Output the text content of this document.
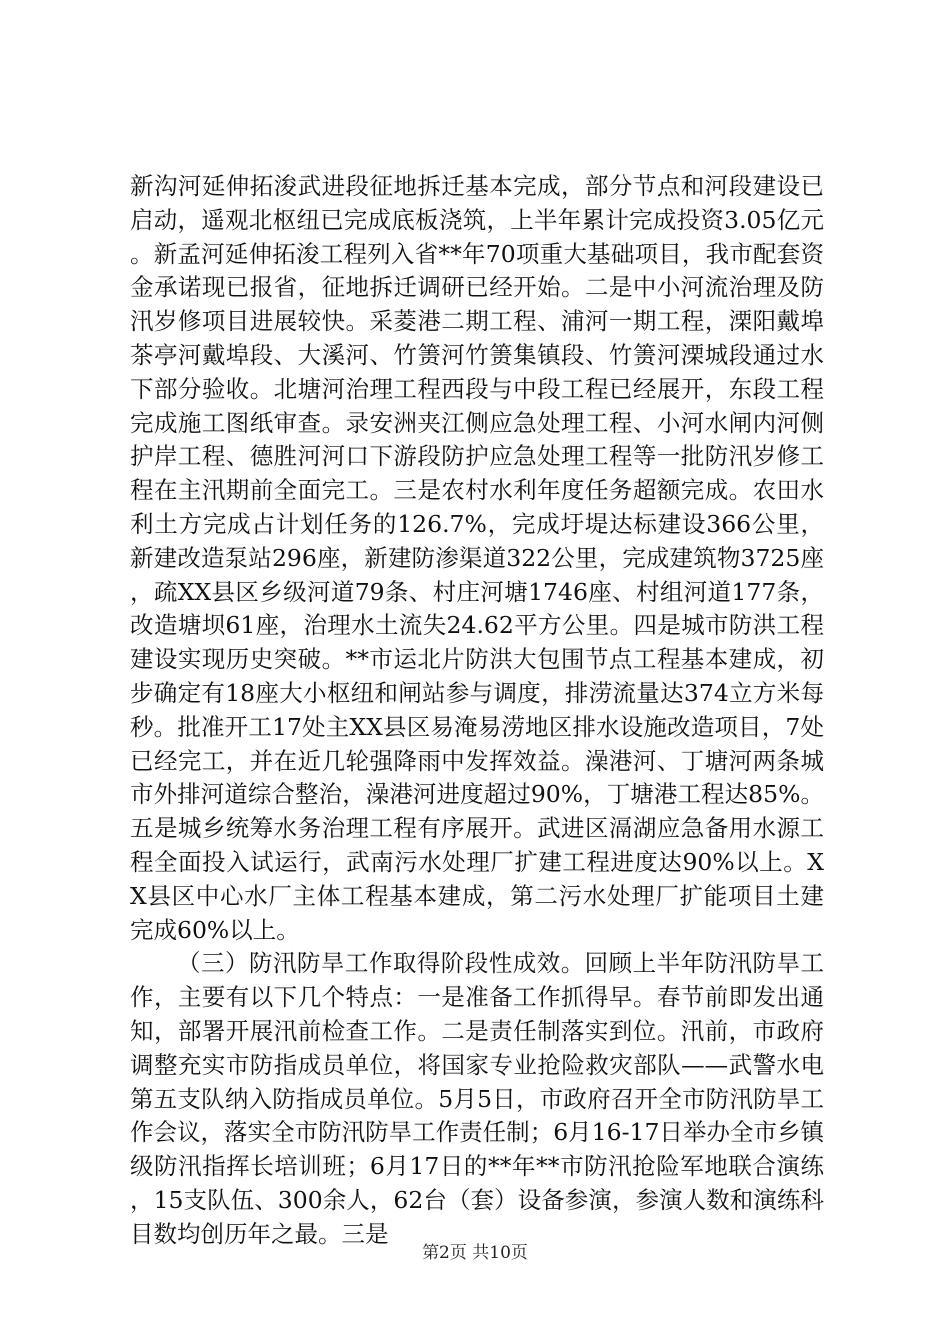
新沟河延伸拓浚武进段征地拆迁基本完成，部分节点和河段建设已启动，遥观北枢纽已完成底板浇筑，上半年累计完成投资3.05亿元。新孟河延伸拓浚工程列入省**年70项重大基础项目，我市配套资金承诺现已报省，征地拆迁调研已经开始。二是中小河流治理及防汛岁修项目进展较快。采菱港二期工程、浦河一期工程，溧阳戴埠茶亭河戴埠段、大溪河、竹箦河竹箦集镇段、竹箦河溧城段通过水下部分验收。北塘河治理工程西段与中段工程已经展开，东段工程完成施工图纸审查。录安洲夹江侧应急处理工程、小河水闸内河侧护岸工程、德胜河河口下游段防护应急处理工程等一批防汛岁修工程在主汛期前全面完工。三是农村水利年度任务超额完成。农田水利土方完成占计划任务的126.7%，完成圩堤达标建设366公里，新建改造泵站296座，新建防渗渠道322公里，完成建筑物3725座，疏XX县区乡级河道79条、村庄河塘1746座、村组河道177条，改造塘坝61座，治理水土流失24.62平方公里。四是城市防洪工程建设实现历史突破。**市运北片防洪大包围节点工程基本建成，初步确定有18座大小枢纽和闸站参与调度，排涝流量达374立方米每秒。批准开工17处主XX县区易淹易涝地区排水设施改造项目，7处已经完工，并在近几轮强降雨中发挥效益。澡港河、丁塘河两条城市外排河道综合整治，澡港河进度超过90%，丁塘港工程达85%。五是城乡统筹水务治理工程有序展开。武进区滆湖应急备用水源工程全面投入试运行，武南污水处理厂扩建工程进度达90%以上。XX县区中心水厂主体工程基本建成，第二污水处理厂扩能项目土建完成60%以上。

（三）防汛防旱工作取得阶段性成效。回顾上半年防汛防旱工作，主要有以下几个特点：一是准备工作抓得早。春节前即发出通知，部署开展汛前检查工作。二是责任制落实到位。汛前，市政府调整充实市防指成员单位，将国家专业抢险救灾部队——武警水电第五支队纳入防指成员单位。5月5日，市政府召开全市防汛防旱工作会议，落实全市防汛防旱工作责任制；6月16-17日举办全市乡镇级防汛指挥长培训班；6月17日的**年**市防汛抢险军地联合演练，15支队伍、300余人，62台（套）设备参演，参演人数和演练科目数均创历年之最。三是

第2页 共10页
